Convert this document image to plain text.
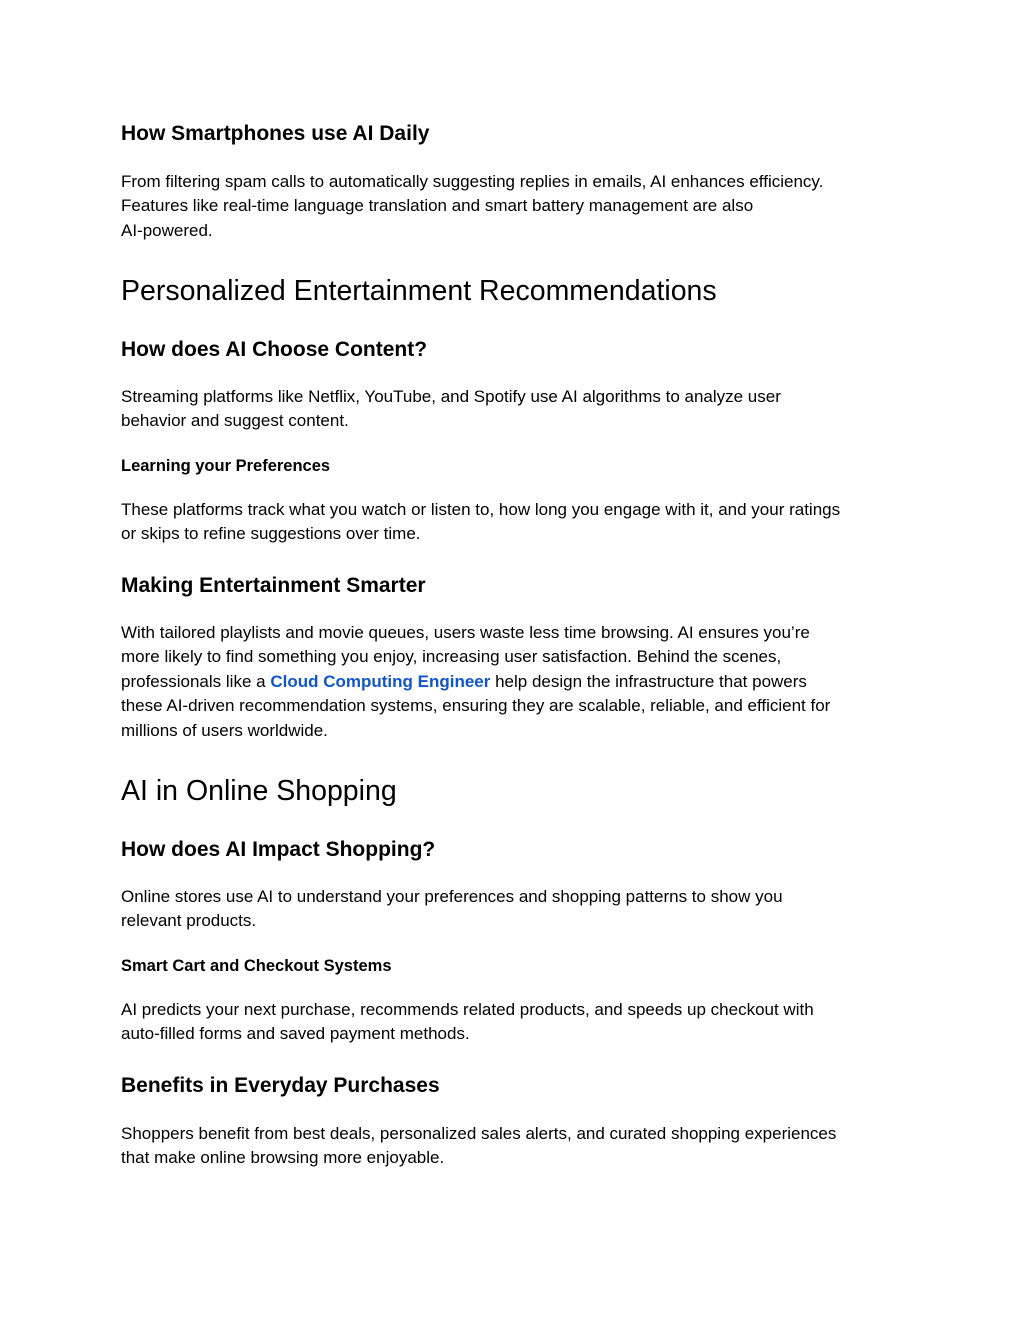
How Smartphones use AI Daily

From filtering spam calls to automatically suggesting replies in emails, AI enhances efficiency.
Features like real-time language translation and smart battery management are also
AI-powered.

Personalized Entertainment Recommendations
How does AI Choose Content?

Streaming platforms like Netflix, YouTube, and Spotify use AI algorithms to analyze user
behavior and suggest content.

Learning your Preferences

These platforms track what you watch or listen to, how long you engage with it, and your ratings
or skips to refine suggestions over time.

Making Entertainment Smarter

With tailored playlists and movie queues, users waste less time browsing. AI ensures you’re
more likely to find something you enjoy, increasing user satisfaction. Behind the scenes,
professionals like a Cloud Computing Engineer help design the infrastructure that powers
these AI-driven recommendation systems, ensuring they are scalable, reliable, and efficient for
millions of users worldwide.

AI in Online Shopping
How does AI Impact Shopping?

Online stores use AI to understand your preferences and shopping patterns to show you
relevant products.

Smart Cart and Checkout Systems

AI predicts your next purchase, recommends related products, and speeds up checkout with
auto-filled forms and saved payment methods.

Benefits in Everyday Purchases

Shoppers benefit from best deals, personalized sales alerts, and curated shopping experiences
that make online browsing more enjoyable.
